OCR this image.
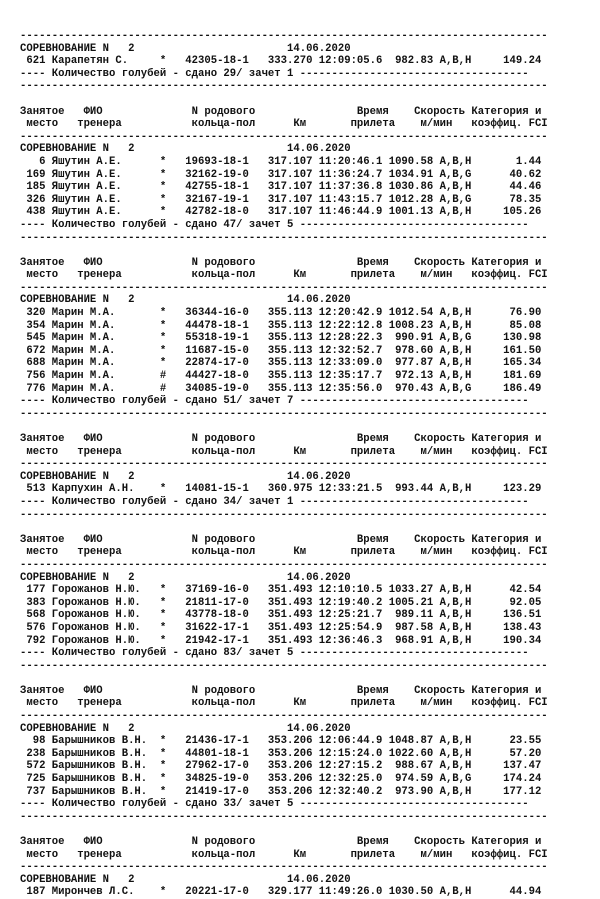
-----------------------------------------------------------------------------------
СОРЕВНОВАНИЕ N   2                        14.06.2020
621 Карапетян С.     *   42305-18-1   333.270 12:09:05.6  982.83 A,B,H     149.24
---- Количество голубей - сдано 29/ зачет 1 ------------------------------------
-----------------------------------------------------------------------------------

Занятое   ФИО              N родового                Время    Скорость Категория и
место   тренера           кольца-пол      Км       прилета    м/мин   коэффиц. FCI
-----------------------------------------------------------------------------------
СОРЕВНОВАНИЕ N   2                        14.06.2020
6 Яшутин А.Е.      *   19693-18-1   317.107 11:20:46.1 1090.58 A,B,H       1.44
169 Яшутин А.Е.      *   32162-19-0   317.107 11:36:24.7 1034.91 A,B,G      40.62
185 Яшутин А.Е.      *   42755-18-1   317.107 11:37:36.8 1030.86 A,B,H      44.46
326 Яшутин А.Е.      *   32167-19-1   317.107 11:43:15.7 1012.28 A,B,G      78.35
438 Яшутин А.Е.      *   42782-18-0   317.107 11:46:44.9 1001.13 A,B,H     105.26
---- Количество голубей - сдано 47/ зачет 5 ------------------------------------
-----------------------------------------------------------------------------------

Занятое   ФИО              N родового                Время    Скорость Категория и
место   тренера           кольца-пол      Км       прилета    м/мин   коэффиц. FCI
-----------------------------------------------------------------------------------
СОРЕВНОВАНИЕ N   2                        14.06.2020
320 Марин М.А.       *   36344-16-0   355.113 12:20:42.9 1012.54 A,B,H      76.90
354 Марин М.А.       *   44478-18-1   355.113 12:22:12.8 1008.23 A,B,H      85.08
545 Марин М.А.       *   55318-19-1   355.113 12:28:22.3  990.91 A,B,G     130.98
672 Марин М.А.       *   11687-15-0   355.113 12:32:52.7  978.60 A,B,H     161.50
688 Марин М.А.       *   22874-17-0   355.113 12:33:09.0  977.87 A,B,H     165.34
756 Марин М.А.       #   44427-18-0   355.113 12:35:17.7  972.13 A,B,H     181.69
776 Марин М.А.       #   34085-19-0   355.113 12:35:56.0  970.43 A,B,G     186.49
---- Количество голубей - сдано 51/ зачет 7 ------------------------------------
-----------------------------------------------------------------------------------

Занятое   ФИО              N родового                Время    Скорость Категория и
место   тренера           кольца-пол      Км       прилета    м/мин   коэффиц. FCI
-----------------------------------------------------------------------------------
СОРЕВНОВАНИЕ N   2                        14.06.2020
513 Карпухин А.Н.    *   14081-15-1   360.975 12:33:21.5  993.44 A,B,H     123.29
---- Количество голубей - сдано 34/ зачет 1 ------------------------------------
-----------------------------------------------------------------------------------

Занятое   ФИО              N родового                Время    Скорость Категория и
место   тренера           кольца-пол      Км       прилета    м/мин   коэффиц. FCI
-----------------------------------------------------------------------------------
СОРЕВНОВАНИЕ N   2                        14.06.2020
177 Горожанов Н.Ю.   *   37169-16-0   351.493 12:10:10.5 1033.27 A,B,H      42.54
383 Горожанов Н.Ю.   *   21811-17-0   351.493 12:19:40.2 1005.21 A,B,H      92.05
568 Горожанов Н.Ю.   *   43778-18-0   351.493 12:25:21.7  989.11 A,B,H     136.51
576 Горожанов Н.Ю.   *   31622-17-1   351.493 12:25:54.9  987.58 A,B,H     138.43
792 Горожанов Н.Ю.   *   21942-17-1   351.493 12:36:46.3  968.91 A,B,H     190.34
---- Количество голубей - сдано 83/ зачет 5 ------------------------------------
-----------------------------------------------------------------------------------

Занятое   ФИО              N родового                Время    Скорость Категория и
место   тренера           кольца-пол      Км       прилета    м/мин   коэффиц. FCI
-----------------------------------------------------------------------------------
СОРЕВНОВАНИЕ N   2                        14.06.2020
98 Барышников В.Н.  *   21436-17-1   353.206 12:06:44.9 1048.87 A,B,H      23.55
238 Барышников В.Н.  *   44801-18-1   353.206 12:15:24.0 1022.60 A,B,H      57.20
572 Барышников В.Н.  *   27962-17-0   353.206 12:27:15.2  988.67 A,B,H     137.47
725 Барышников В.Н.  *   34825-19-0   353.206 12:32:25.0  974.59 A,B,G     174.24
737 Барышников В.Н.  *   21419-17-0   353.206 12:32:40.2  973.90 A,B,H     177.12
---- Количество голубей - сдано 33/ зачет 5 ------------------------------------
-----------------------------------------------------------------------------------

Занятое   ФИО              N родового                Время    Скорость Категория и
место   тренера           кольца-пол      Км       прилета    м/мин   коэффиц. FCI
-----------------------------------------------------------------------------------
СОРЕВНОВАНИЕ N   2                        14.06.2020
187 Мирончев Л.С.    *   20221-17-0   329.177 11:49:26.0 1030.50 A,B,H      44.94
